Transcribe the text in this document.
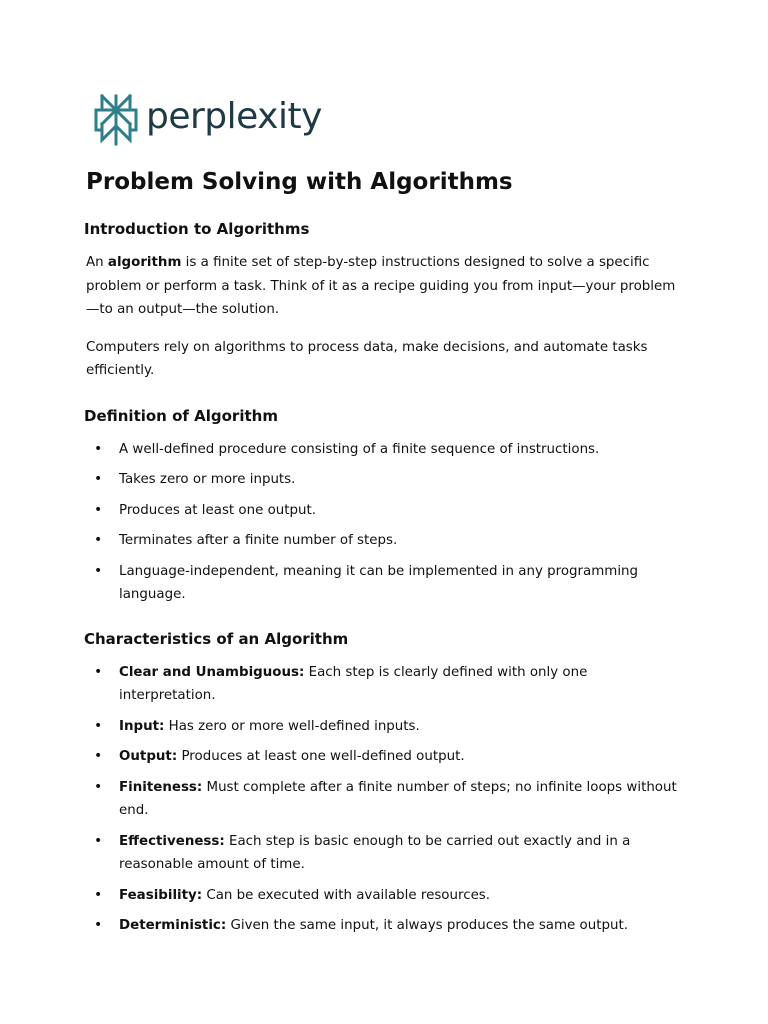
perplexity
Problem Solving with Algorithms
Introduction to Algorithms

An algorithm is a finite set of step-by-step instructions designed to solve a specific problem or perform a task. Think of it as a recipe guiding you from input—your problem—to an output—the solution.

Computers rely on algorithms to process data, make decisions, and automate tasks efficiently.

Definition of Algorithm
• A well-defined procedure consisting of a finite sequence of instructions.
• Takes zero or more inputs.
• Produces at least one output.
• Terminates after a finite number of steps.
• Language-independent, meaning it can be implemented in any programming language.
Characteristics of an Algorithm
• Clear and Unambiguous: Each step is clearly defined with only one interpretation.
• Input: Has zero or more well-defined inputs.
• Output: Produces at least one well-defined output.
• Finiteness: Must complete after a finite number of steps; no infinite loops without end.
• Effectiveness: Each step is basic enough to be carried out exactly and in a reasonable amount of time.
• Feasibility: Can be executed with available resources.
• Deterministic: Given the same input, it always produces the same output.
